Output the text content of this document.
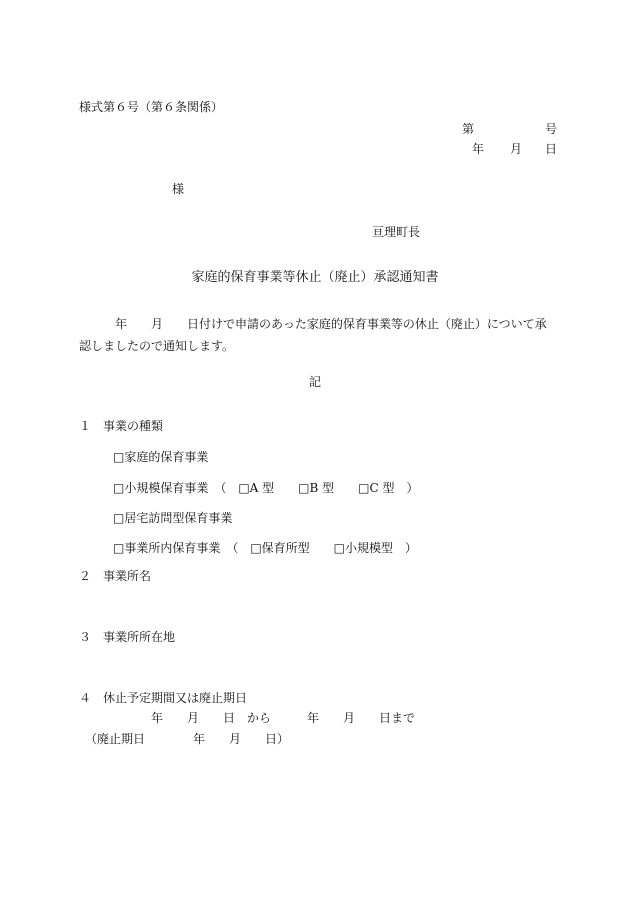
様式第６号（第６条関係）

第

	号

年

月

日

様
亘理町長
家庭的保育事業等休止（廃止）承認通知書
　　　年　　月　　日付けで申請のあった家庭的保育事業等の休止（廃止）について承
認しましたので通知します。
記
１　事業の種類
□家庭的保育事業
□小規模保育事業　（　□A 型　　□B 型　　□C 型　）
□居宅訪問型保育事業
□事業所内保育事業　（　□保育所型　　□小規模型　）
２　事業所名
３　事業所所在地
４　休止予定期間又は廃止期日
　　　　　　年　　月　　日　から　　　年　　月　　日まで
　（廃止期日　　　　年　　月　　日）
